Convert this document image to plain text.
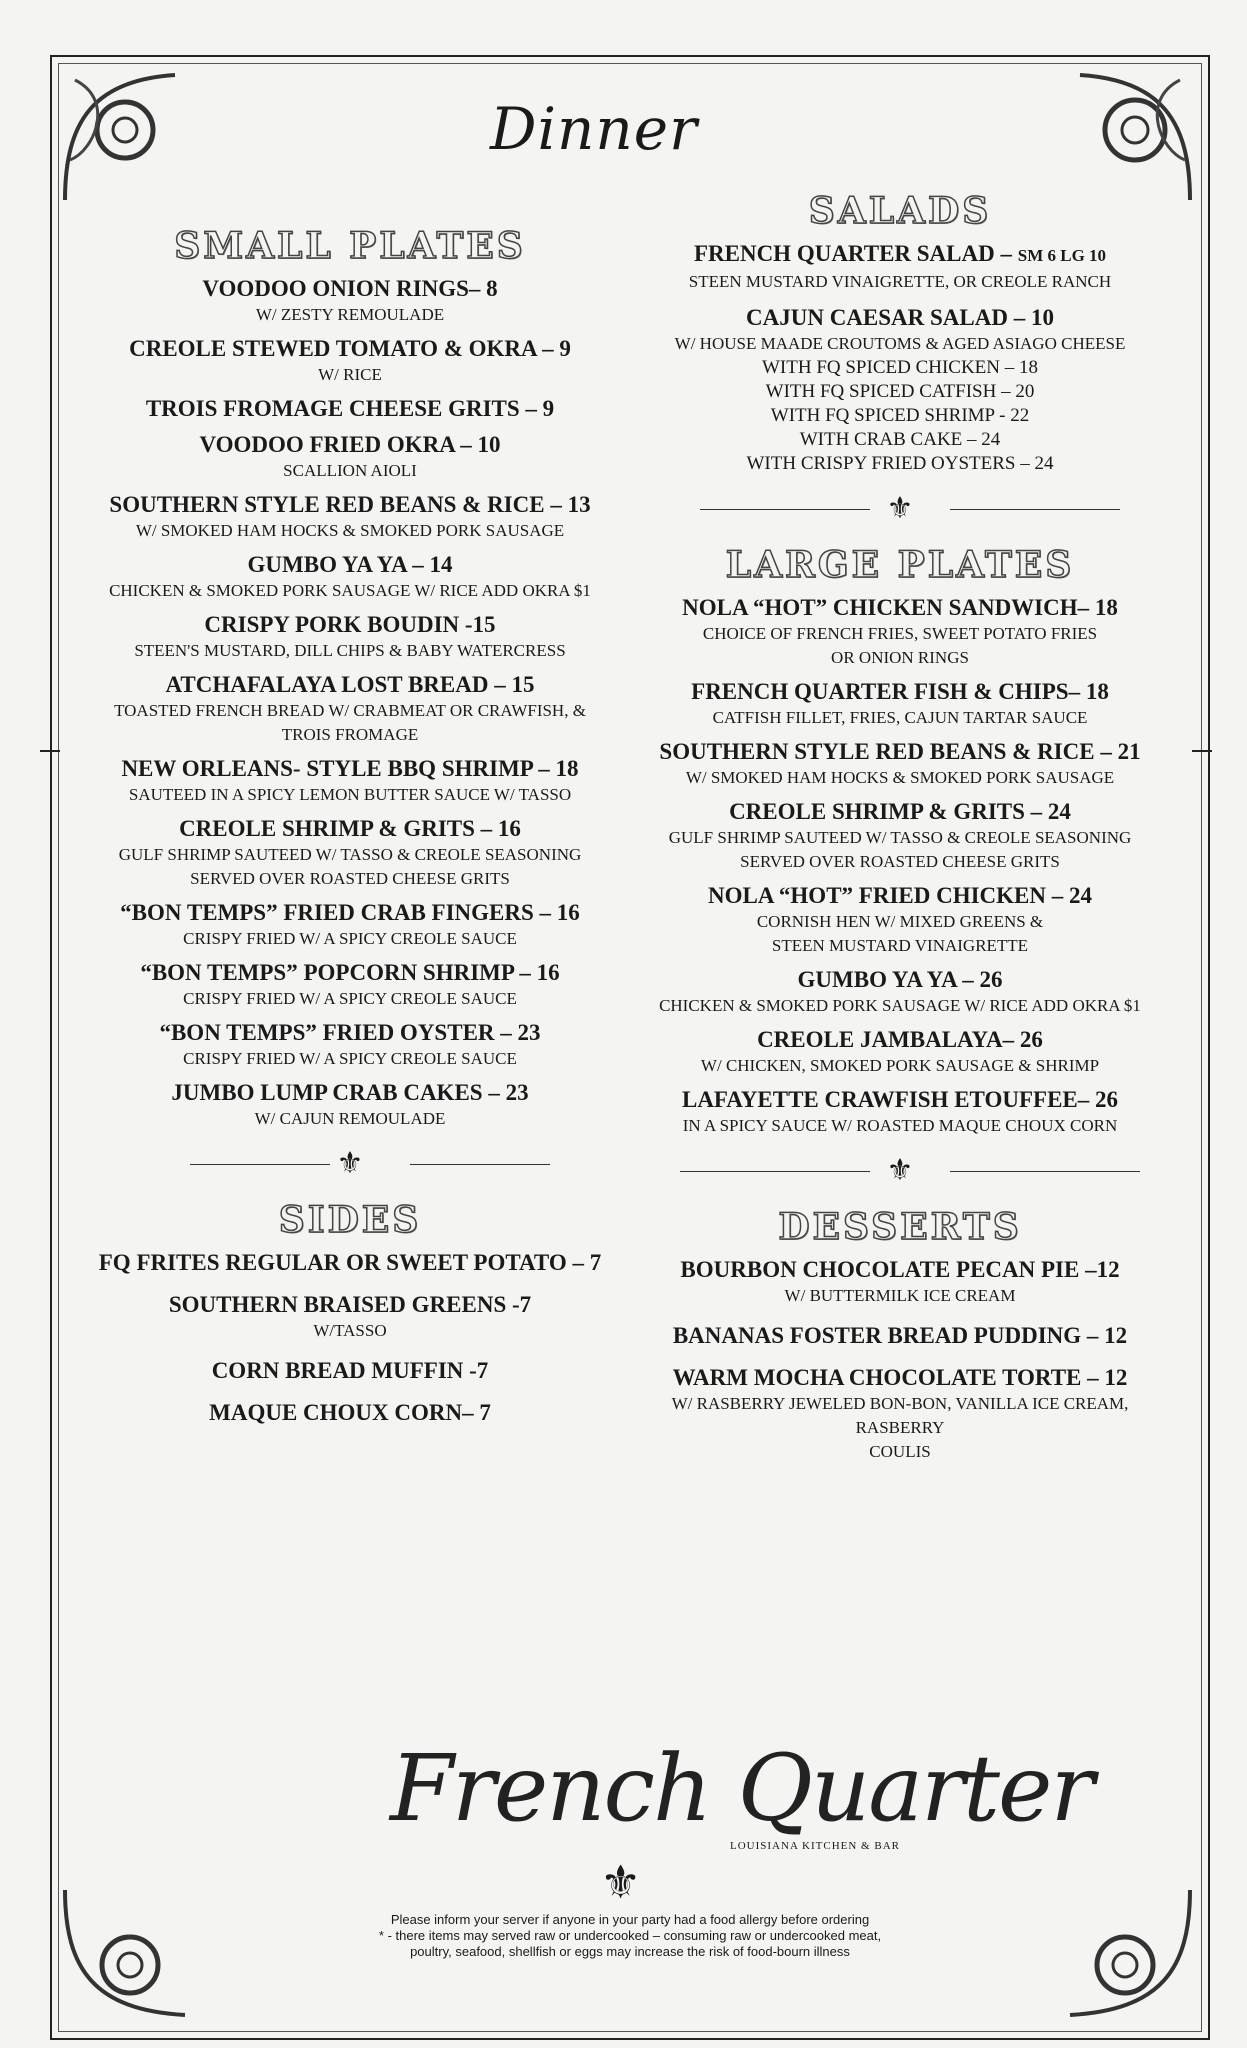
Dinner
SMALL PLATES
VOODOO ONION RINGS– 8
W/ ZESTY REMOULADE
CREOLE STEWED TOMATO & OKRA – 9
W/ RICE
TROIS FROMAGE CHEESE GRITS – 9
VOODOO FRIED OKRA – 10
SCALLION AIOLI
SOUTHERN STYLE RED BEANS & RICE – 13
W/ SMOKED HAM HOCKS & SMOKED PORK SAUSAGE
GUMBO YA YA – 14
CHICKEN & SMOKED PORK SAUSAGE W/ RICE ADD OKRA $1
CRISPY PORK BOUDIN -15
STEEN'S MUSTARD, DILL CHIPS & BABY WATERCRESS
ATCHAFALAYA LOST BREAD – 15
TOASTED FRENCH BREAD W/ CRABMEAT OR CRAWFISH, &
TROIS FROMAGE
NEW ORLEANS- STYLE BBQ SHRIMP – 18
SAUTEED IN A SPICY LEMON BUTTER SAUCE W/ TASSO
CREOLE SHRIMP & GRITS – 16
GULF SHRIMP SAUTEED W/ TASSO & CREOLE SEASONING
SERVED OVER ROASTED CHEESE GRITS
“BON TEMPS” FRIED CRAB FINGERS – 16
CRISPY FRIED W/ A SPICY CREOLE SAUCE
“BON TEMPS” POPCORN SHRIMP – 16
CRISPY FRIED W/ A SPICY CREOLE SAUCE
“BON TEMPS” FRIED OYSTER – 23
CRISPY FRIED W/ A SPICY CREOLE SAUCE
JUMBO LUMP CRAB CAKES – 23
W/ CAJUN REMOULADE
⚜
SIDES
FQ FRITES REGULAR OR SWEET POTATO – 7
SOUTHERN BRAISED GREENS -7
W/TASSO
CORN BREAD MUFFIN -7
MAQUE CHOUX CORN– 7
SALADS
FRENCH QUARTER SALAD – SM 6 LG 10
STEEN MUSTARD VINAIGRETTE, OR CREOLE RANCH
CAJUN CAESAR SALAD – 10
W/ HOUSE MAADE CROUTOMS & AGED ASIAGO CHEESE
WITH FQ SPICED CHICKEN – 18
WITH FQ SPICED CATFISH – 20
WITH FQ SPICED SHRIMP - 22
WITH CRAB CAKE – 24
WITH CRISPY FRIED OYSTERS – 24
⚜
LARGE PLATES
NOLA “HOT” CHICKEN SANDWICH– 18
CHOICE OF FRENCH FRIES, SWEET POTATO FRIES
OR ONION RINGS
FRENCH QUARTER FISH & CHIPS– 18
CATFISH FILLET, FRIES, CAJUN TARTAR SAUCE
SOUTHERN STYLE RED BEANS & RICE – 21
W/ SMOKED HAM HOCKS & SMOKED PORK SAUSAGE
CREOLE SHRIMP & GRITS – 24
GULF SHRIMP SAUTEED W/ TASSO & CREOLE SEASONING
SERVED OVER ROASTED CHEESE GRITS
NOLA “HOT” FRIED CHICKEN – 24
CORNISH HEN W/ MIXED GREENS &
STEEN MUSTARD VINAIGRETTE
GUMBO YA YA – 26
CHICKEN & SMOKED PORK SAUSAGE W/ RICE ADD OKRA $1
CREOLE JAMBALAYA– 26
W/ CHICKEN, SMOKED PORK SAUSAGE & SHRIMP
LAFAYETTE CRAWFISH ETOUFFEE– 26
IN A SPICY SAUCE W/ ROASTED MAQUE CHOUX CORN
⚜
DESSERTS
BOURBON CHOCOLATE PECAN PIE –12
W/ BUTTERMILK ICE CREAM
BANANAS FOSTER BREAD PUDDING – 12
WARM MOCHA CHOCOLATE TORTE – 12
W/ RASBERRY JEWELED BON-BON, VANILLA ICE CREAM, RASBERRY
COULIS
French Quarter
LOUISIANA KITCHEN & BAR
⚜
Please inform your server if anyone in your party had a food allergy before ordering
* - there items may served raw or undercooked – consuming raw or undercooked meat,
poultry, seafood, shellfish or eggs may increase the risk of food-bourn illness
